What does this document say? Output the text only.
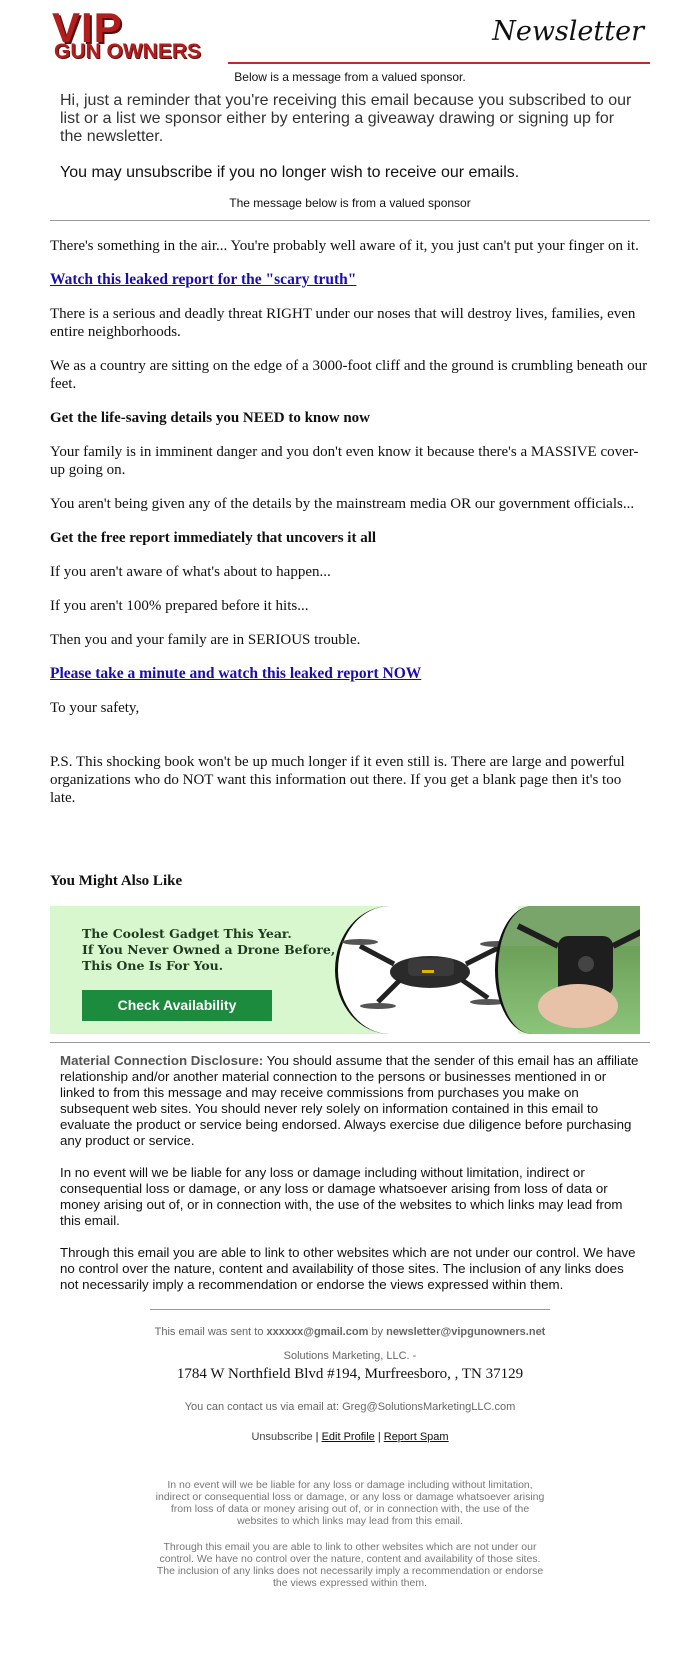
VIP
GUN OWNERS
Newsletter
Below is a message from a valued sponsor.
Hi, just a reminder that you're receiving this email because you subscribed to our list or a list we sponsor either by entering a giveaway drawing or signing up for the newsletter.
You may unsubscribe if you no longer wish to receive our emails.
The message below is from a valued sponsor

There's something in the air... You're probably well aware of it, you just can't put your finger on it.

Watch this leaked report for the "scary truth"

There is a serious and deadly threat RIGHT under our noses that will destroy lives, families, even entire neighborhoods.

We as a country are sitting on the edge of a 3000-foot cliff and the ground is crumbling beneath our feet.

Get the life-saving details you NEED to know now

Your family is in imminent danger and you don't even know it because there's a MASSIVE cover-up going on.

You aren't being given any of the details by the mainstream media OR our government officials...

Get the free report immediately that uncovers it all

If you aren't aware of what's about to happen...

If you aren't 100% prepared before it hits...

Then you and your family are in SERIOUS trouble.

Please take a minute and watch this leaked report NOW

To your safety,

P.S. This shocking book won't be up much longer if it even still is. There are large and powerful organizations who do NOT want this information out there. If you get a blank page then it's too late.

You Might Also Like
The Coolest Gadget This Year.
If You Never Owned a Drone Before,
This One Is For You.
Check Availability

Material Connection Disclosure: You should assume that the sender of this email has an affiliate relationship and/or another material connection to the persons or businesses mentioned in or linked to from this message and may receive commissions from purchases you make on subsequent web sites. You should never rely solely on information contained in this email to evaluate the product or service being endorsed. Always exercise due diligence before purchasing any product or service.

In no event will we be liable for any loss or damage including without limitation, indirect or consequential loss or damage, or any loss or damage whatsoever arising from loss of data or money arising out of, or in connection with, the use of the websites to which links may lead from this email.

Through this email you are able to link to other websites which are not under our control. We have no control over the nature, content and availability of those sites. The inclusion of any links does not necessarily imply a recommendation or endorse the views expressed within them.

This email was sent to xxxxxx@gmail.com by newsletter@vipgunowners.net
Solutions Marketing, LLC. -
1784 W Northfield Blvd #194, Murfreesboro, , TN 37129
You can contact us via email at: Greg@SolutionsMarketingLLC.com
Unsubscribe | Edit Profile | Report Spam
In no event will we be liable for any loss or damage including without limitation, indirect or consequential loss or damage, or any loss or damage whatsoever arising from loss of data or money arising out of, or in connection with, the use of the websites to which links may lead from this email.
Through this email you are able to link to other websites which are not under our control. We have no control over the nature, content and availability of those sites. The inclusion of any links does not necessarily imply a recommendation or endorse the views expressed within them.
